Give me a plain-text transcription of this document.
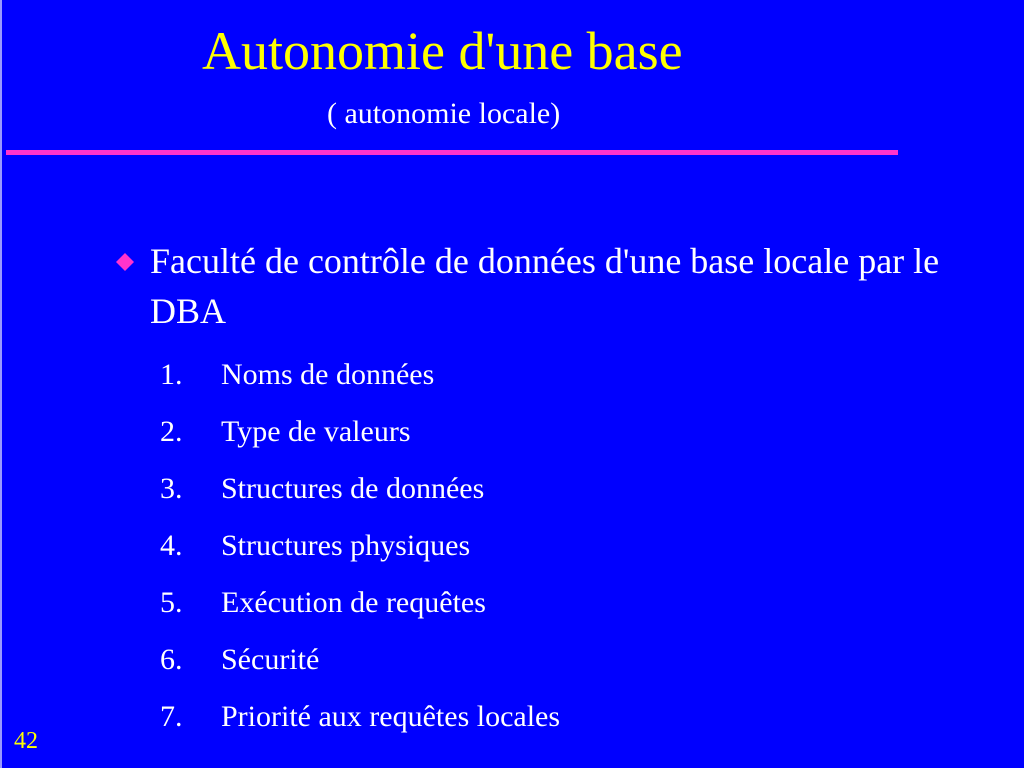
Autonomie d'une base
( autonomie locale)
Faculté de contrôle de données d'une base locale par le DBA
1. Noms de données
2. Type de valeurs
3. Structures de données
4. Structures physiques
5. Exécution de requêtes
6. Sécurité
7. Priorité aux requêtes locales
42
